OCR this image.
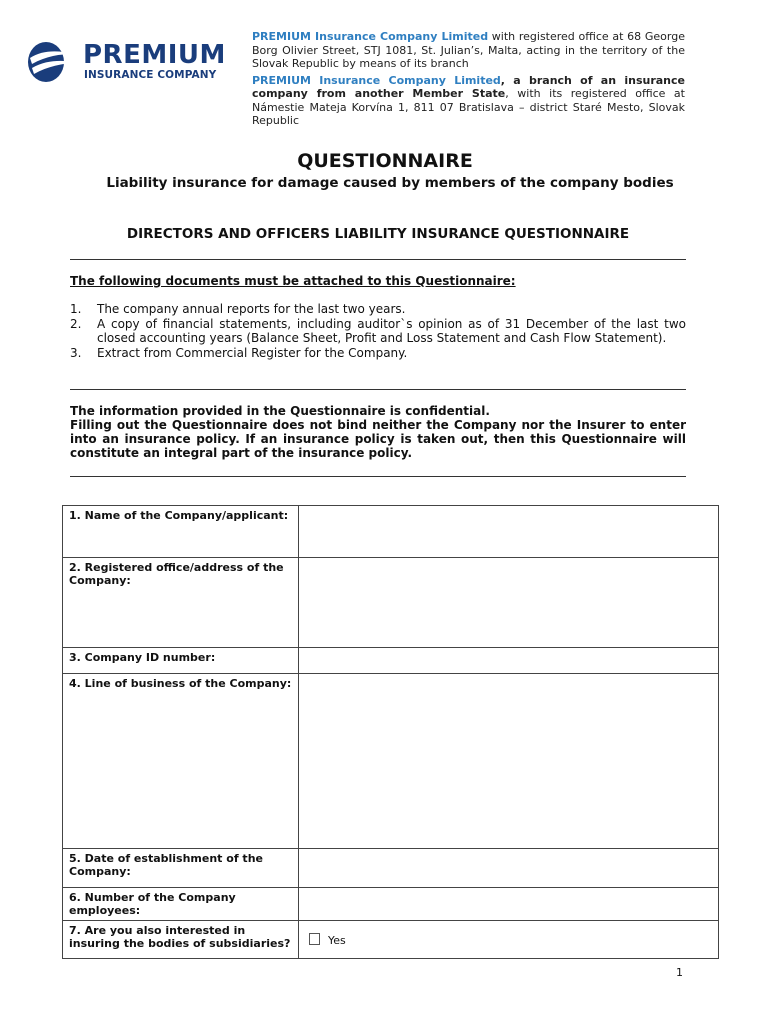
PREMIUM
INSURANCE COMPANY

PREMIUM Insurance Company Limited with registered office at 68 George Borg Olivier Street, STJ 1081, St. Julian’s, Malta, acting in the territory of the Slovak Republic by means of its branch

PREMIUM Insurance Company Limited, a branch of an insurance company from another Member State, with its registered office at Námestie Mateja Korvína 1, 811 07 Bratislava – district Staré Mesto, Slovak Republic

QUESTIONNAIRE
Liability insurance for damage caused by members of the company bodies
DIRECTORS AND OFFICERS LIABILITY INSURANCE QUESTIONNAIRE
The following documents must be attached to this Questionnaire:
1.	The company annual reports for the last two years.
2.	A copy of financial statements, including auditor`s opinion as of 31 December of the last two closed accounting years (Balance Sheet, Profit and Loss Statement and Cash Flow Statement).
3.	Extract from Commercial Register for the Company.

The information provided in the Questionnaire is confidential.

Filling out the Questionnaire does not bind neither the Company nor the Insurer to enter into an insurance policy. If an insurance policy is taken out, then this Questionnaire will constitute an integral part of the insurance policy.

1. Name of the Company/applicant:	
2. Registered office/address of the Company:	
3. Company ID number:	
4. Line of business of the Company:	
5. Date of establishment of the Company:	
6. Number of the Company employees:	
7. Are you also interested in insuring the bodies of subsidiaries?	Yes
1
